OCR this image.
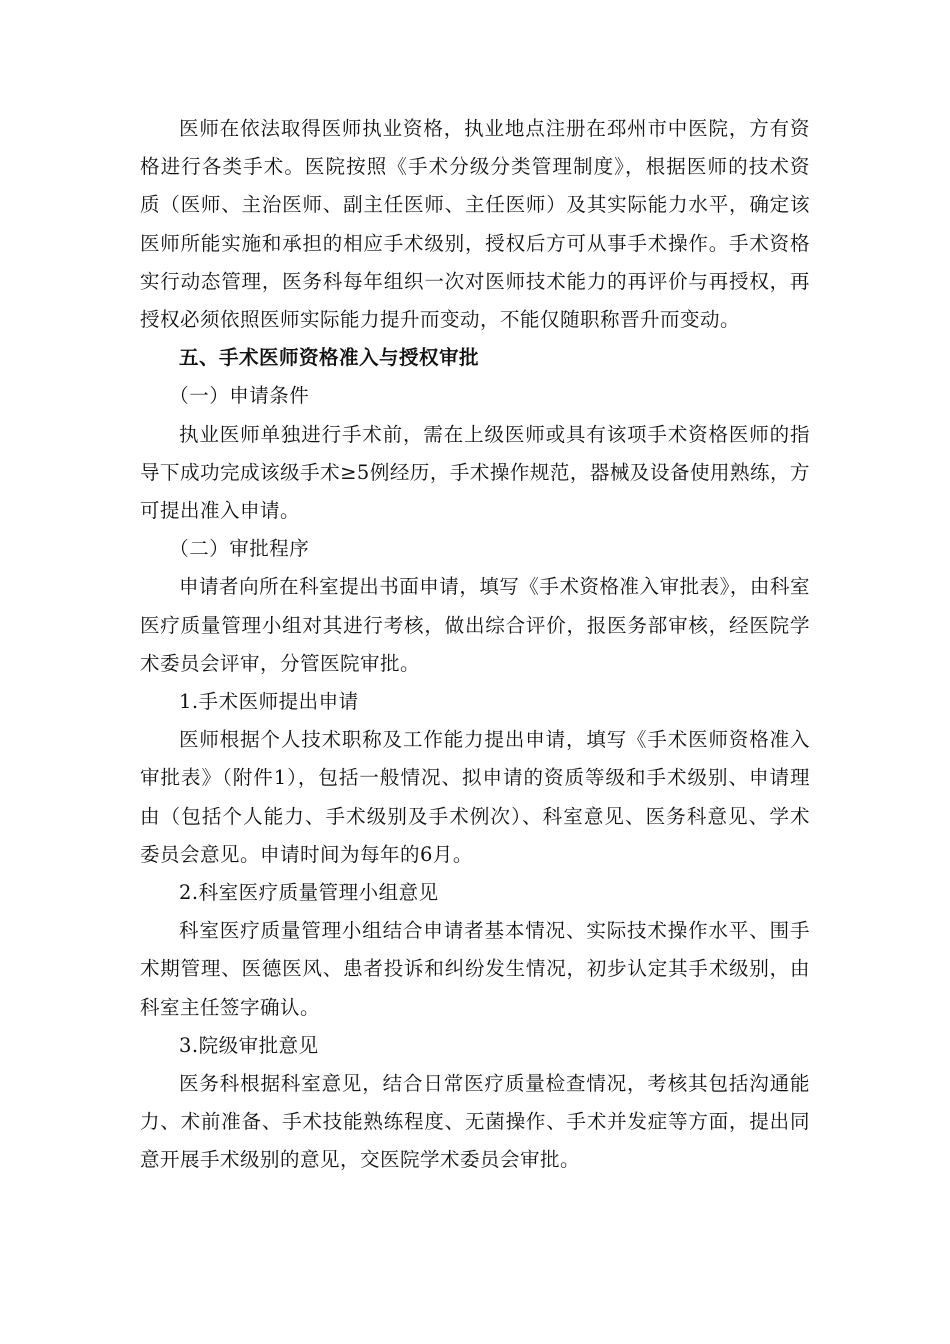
医师在依法取得医师执业资格，执业地点注册在邳州市中医院，方有资格进行各类手术。医院按照《手术分级分类管理制度》，根据医师的技术资质（医师、主治医师、副主任医师、主任医师）及其实际能力水平，确定该医师所能实施和承担的相应手术级别，授权后方可从事手术操作。手术资格实行动态管理，医务科每年组织一次对医师技术能力的再评价与再授权，再授权必须依照医师实际能力提升而变动，不能仅随职称晋升而变动。

五、手术医师资格准入与授权审批

（一）申请条件

执业医师单独进行手术前，需在上级医师或具有该项手术资格医师的指导下成功完成该级手术≥5例经历，手术操作规范，器械及设备使用熟练，方可提出准入申请。

（二）审批程序

申请者向所在科室提出书面申请，填写《手术资格准入审批表》，由科室医疗质量管理小组对其进行考核，做出综合评价，报医务部审核，经医院学术委员会评审，分管医院审批。

1.手术医师提出申请

医师根据个人技术职称及工作能力提出申请，填写《手术医师资格准入审批表》（附件1），包括一般情况、拟申请的资质等级和手术级别、申请理由（包括个人能力、手术级别及手术例次）、科室意见、医务科意见、学术委员会意见。申请时间为每年的6月。

2.科室医疗质量管理小组意见

科室医疗质量管理小组结合申请者基本情况、实际技术操作水平、围手术期管理、医德医风、患者投诉和纠纷发生情况，初步认定其手术级别，由科室主任签字确认。

3.院级审批意见

医务科根据科室意见，结合日常医疗质量检查情况，考核其包括沟通能力、术前准备、手术技能熟练程度、无菌操作、手术并发症等方面，提出同意开展手术级别的意见，交医院学术委员会审批。
